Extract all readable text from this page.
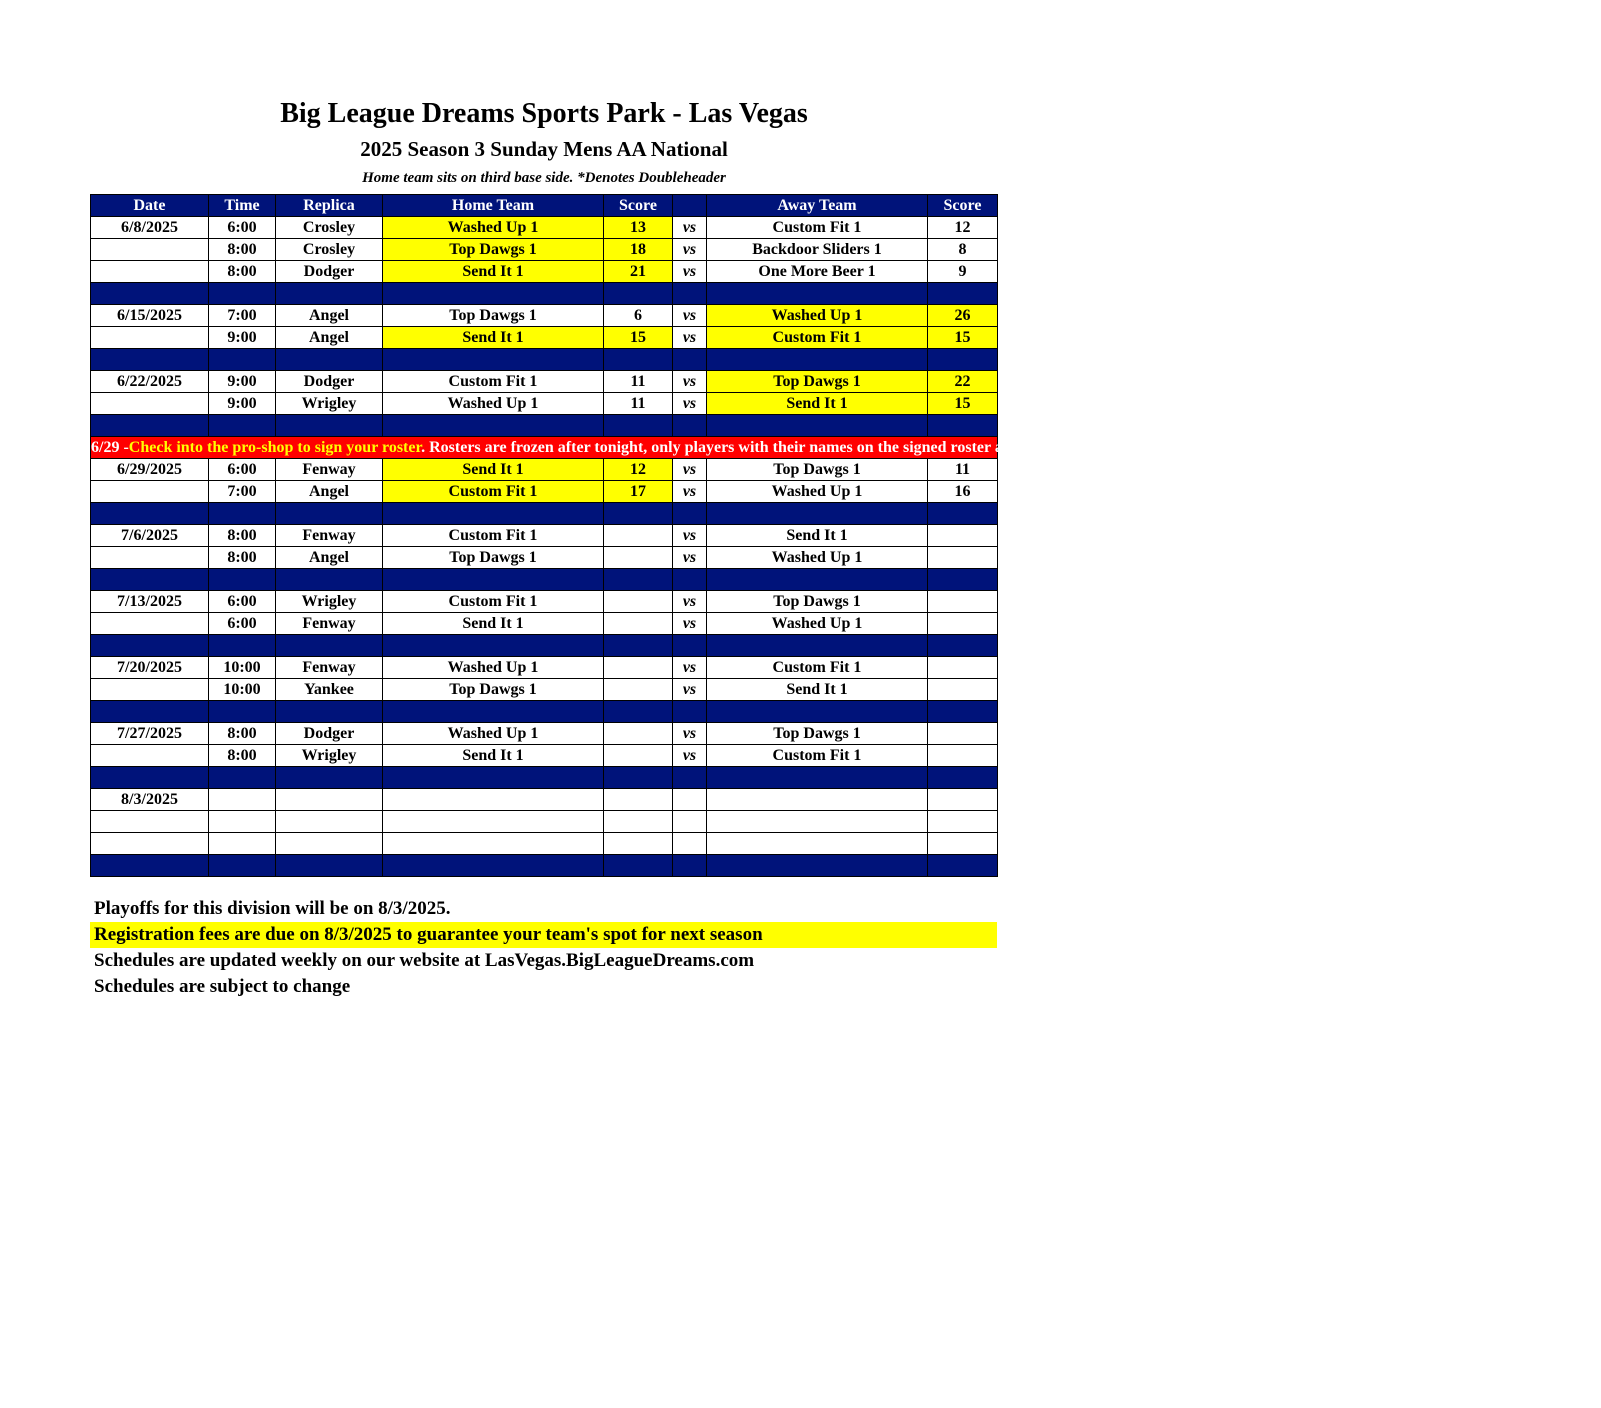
Big League Dreams Sports Park - Las Vegas
2025 Season 3 Sunday Mens AA National
Home team sits on third base side. *Denotes Doubleheader
Date	Time	Replica	Home Team	Score		Away Team	Score
6/8/2025	6:00	Crosley	Washed Up 1	13	vs	Custom Fit 1	12
	8:00	Crosley	Top Dawgs 1	18	vs	Backdoor Sliders 1	8
	8:00	Dodger	Send It 1	21	vs	One More Beer 1	9

6/15/2025	7:00	Angel	Top Dawgs 1	6	vs	Washed Up 1	26
	9:00	Angel	Send It 1	15	vs	Custom Fit 1	15

6/22/2025	9:00	Dodger	Custom Fit 1	11	vs	Top Dawgs 1	22
	9:00	Wrigley	Washed Up 1	11	vs	Send It 1	15

6/29 -Check into the pro-shop to sign your roster. Rosters are frozen after tonight, only players with their names on the signed roster are eligible for playoffs. Please check carefully as changes will not be made for omissions.							
6/29/2025	6:00	Fenway	Send It 1	12	vs	Top Dawgs 1	11
	7:00	Angel	Custom Fit 1	17	vs	Washed Up 1	16

7/6/2025	8:00	Fenway	Custom Fit 1		vs	Send It 1	
	8:00	Angel	Top Dawgs 1		vs	Washed Up 1	

7/13/2025	6:00	Wrigley	Custom Fit 1		vs	Top Dawgs 1	
	6:00	Fenway	Send It 1		vs	Washed Up 1	

7/20/2025	10:00	Fenway	Washed Up 1		vs	Custom Fit 1	
	10:00	Yankee	Top Dawgs 1		vs	Send It 1	

7/27/2025	8:00	Dodger	Washed Up 1		vs	Top Dawgs 1	
	8:00	Wrigley	Send It 1		vs	Custom Fit 1	

8/3/2025							

Playoffs for this division will be on 8/3/2025.
Registration fees are due on 8/3/2025 to guarantee your team's spot for next season
Schedules are updated weekly on our website at LasVegas.BigLeagueDreams.com
Schedules are subject to change
